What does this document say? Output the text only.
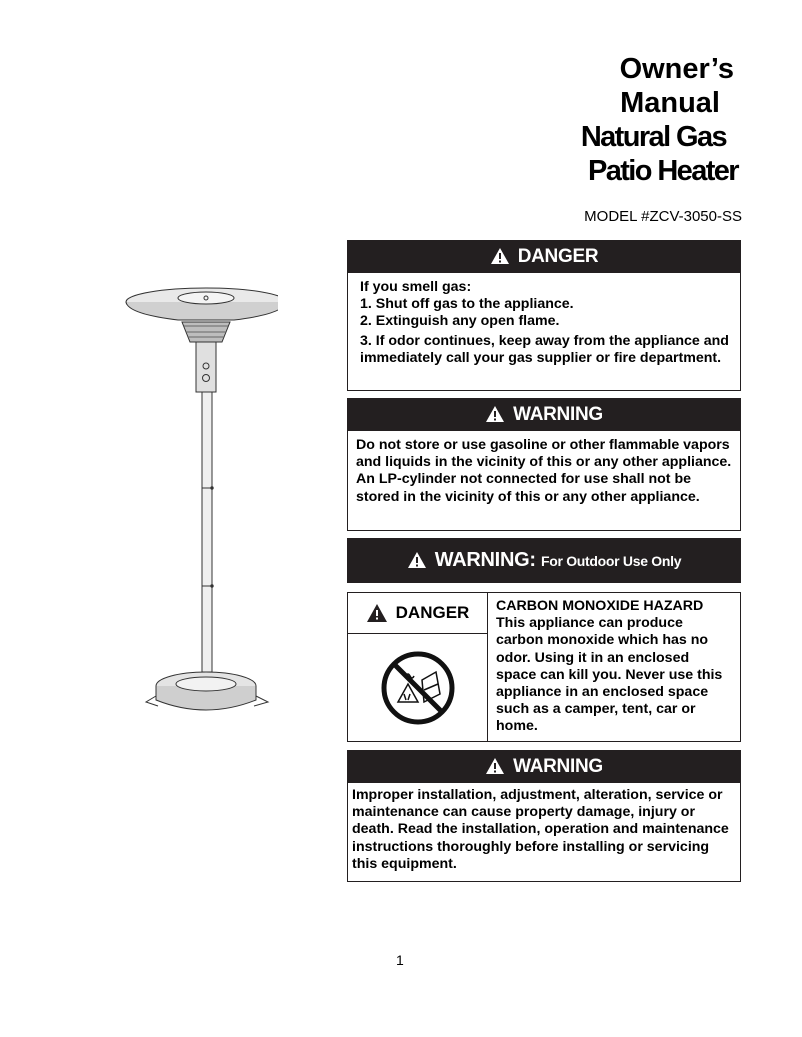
Owner’s
Manual
Natural Gas
Patio Heater
MODEL #ZCV-3050-SS
DANGER
If you smell gas:
1. Shut off gas to the appliance.
2. Extinguish any open flame.
3. If odor continues, keep away from the appliance and immediately call your gas supplier or fire department.
WARNING
Do not store or use gasoline or other flammable vapors and liquids in the vicinity of this or any other appliance. An LP-cylinder not connected for use shall not be stored in the vicinity of this or any other appliance.
WARNING: For Outdoor Use Only
DANGER CARBON MONOXIDE HAZARD
This appliance can produce carbon monoxide which has no odor. Using it in an enclosed space can kill you. Never use this appliance in an enclosed space such as a camper, tent, car or home.
WARNING
Improper installation, adjustment, alteration, service or maintenance can cause property damage, injury or death. Read the installation, operation and maintenance instructions thoroughly before installing or servicing this equipment.
1
